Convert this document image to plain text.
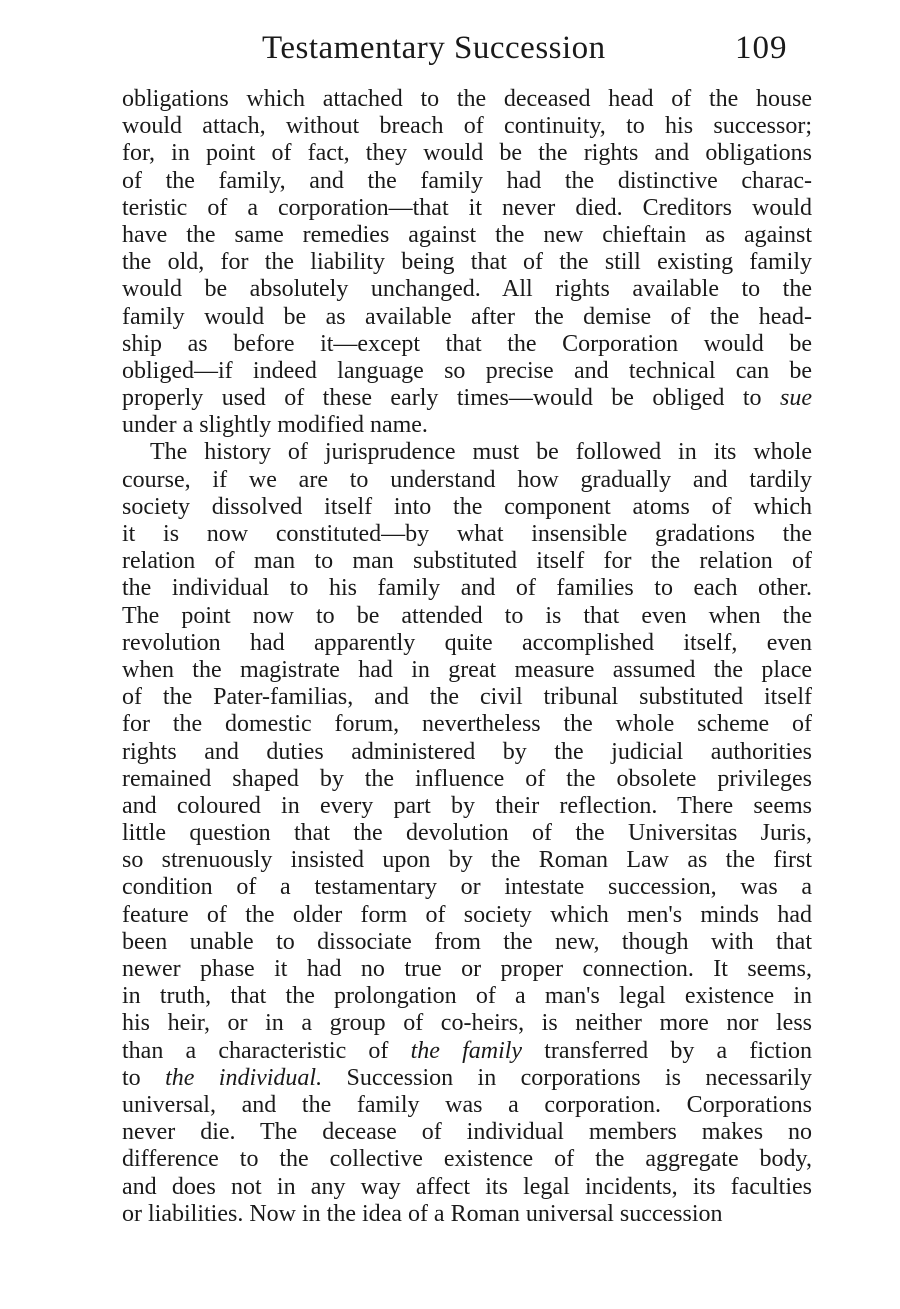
Testamentary Succession	109
obligations which attached to the deceased head of the house
would attach, without breach of continuity, to his successor;
for, in point of fact, they would be the rights and obligations
of the family, and the family had the distinctive charac-
teristic of a corporation—that it never died. Creditors would
have the same remedies against the new chieftain as against
the old, for the liability being that of the still existing family
would be absolutely unchanged. All rights available to the
family would be as available after the demise of the head-
ship as before it—except that the Corporation would be
obliged—if indeed language so precise and technical can be
properly used of these early times—would be obliged to sue
under a slightly modified name.
The history of jurisprudence must be followed in its whole
course, if we are to understand how gradually and tardily
society dissolved itself into the component atoms of which
it is now constituted—by what insensible gradations the
relation of man to man substituted itself for the relation of
the individual to his family and of families to each other.
The point now to be attended to is that even when the
revolution had apparently quite accomplished itself, even
when the magistrate had in great measure assumed the place
of the Pater-familias, and the civil tribunal substituted itself
for the domestic forum, nevertheless the whole scheme of
rights and duties administered by the judicial authorities
remained shaped by the influence of the obsolete privileges
and coloured in every part by their reflection. There seems
little question that the devolution of the Universitas Juris,
so strenuously insisted upon by the Roman Law as the first
condition of a testamentary or intestate succession, was a
feature of the older form of society which men's minds had
been unable to dissociate from the new, though with that
newer phase it had no true or proper connection. It seems,
in truth, that the prolongation of a man's legal existence in
his heir, or in a group of co-heirs, is neither more nor less
than a characteristic of the family transferred by a fiction
to the individual. Succession in corporations is necessarily
universal, and the family was a corporation. Corporations
never die. The decease of individual members makes no
difference to the collective existence of the aggregate body,
and does not in any way affect its legal incidents, its faculties
or liabilities. Now in the idea of a Roman universal succession
